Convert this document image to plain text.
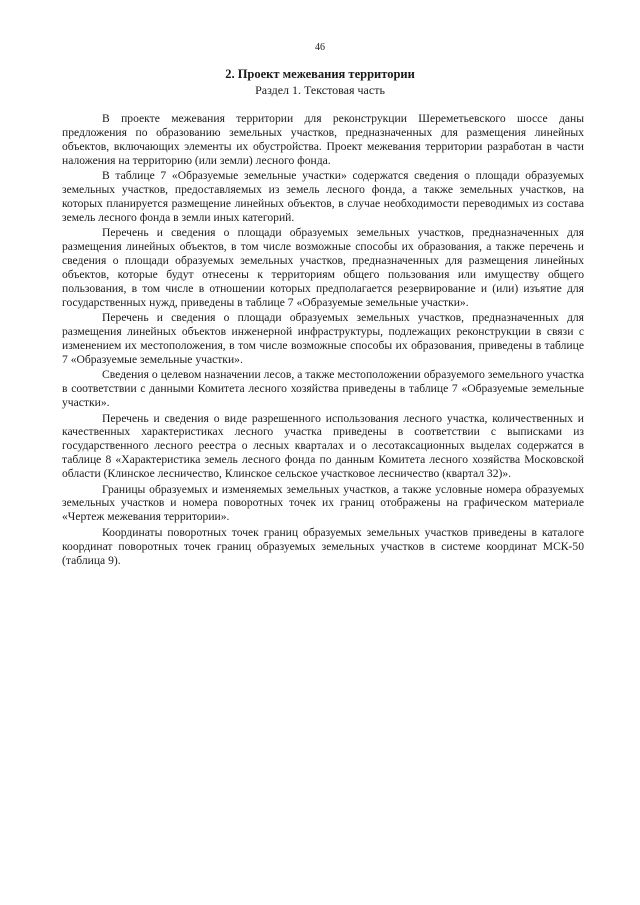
46

2. Проект межевания территории
Раздел 1. Текстовая часть

В проекте межевания территории для реконструкции Шереметьевского шоссе даны предложения по образованию земельных участков, предназначенных для размещения линейных объектов, включающих элементы их обустройства. Проект межевания территории разработан в части наложения на территорию (или земли) лесного фонда.

В таблице 7 «Образуемые земельные участки» содержатся сведения о площади образуемых земельных участков, предоставляемых из земель лесного фонда, а также земельных участков, на которых планируется размещение линейных объектов, в случае необходимости переводимых из состава земель лесного фонда в земли иных категорий.

Перечень и сведения о площади образуемых земельных участков, предназначенных для размещения линейных объектов, в том числе возможные способы их образования, а также перечень и сведения о площади образуемых земельных участков, предназначенных для размещения линейных объектов, которые будут отнесены к территориям общего пользования или имуществу общего пользования, в том числе в отношении которых предполагается резервирование и (или) изъятие для государственных нужд, приведены в таблице 7 «Образуемые земельные участки».

Перечень и сведения о площади образуемых земельных участков, предназначенных для размещения линейных объектов инженерной инфраструктуры, подлежащих реконструкции в связи с изменением их местоположения, в том числе возможные способы их образования, приведены в таблице 7 «Образуемые земельные участки».

Сведения о целевом назначении лесов, а также местоположении образуемого земельного участка в соответствии с данными Комитета лесного хозяйства приведены в таблице 7 «Образуемые земельные участки».

Перечень и сведения о виде разрешенного использования лесного участка, количественных и качественных характеристиках лесного участка приведены в соответствии с выписками из государственного лесного реестра о лесных кварталах и о лесотаксационных выделах содержатся в таблице 8 «Характеристика земель лесного фонда по данным Комитета лесного хозяйства Московской области (Клинское лесничество, Клинское сельское участковое лесничество (квартал 32)».

Границы образуемых и изменяемых земельных участков, а также условные номера образуемых земельных участков и номера поворотных точек их границ отображены на графическом материале «Чертеж межевания территории».

Координаты поворотных точек границ образуемых земельных участков приведены в каталоге координат поворотных точек границ образуемых земельных участков в системе координат МСК-50 (таблица 9).
